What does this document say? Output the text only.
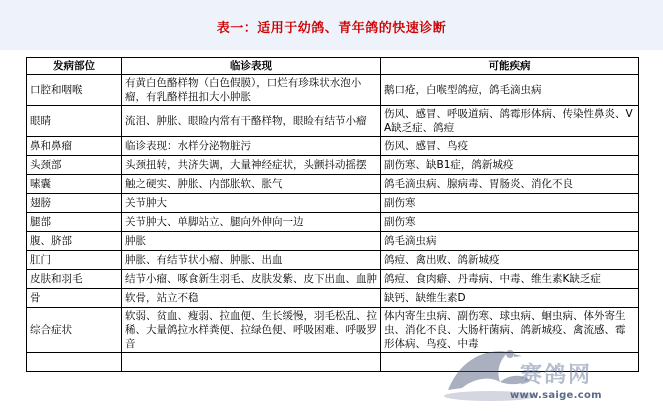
表一：适用于幼鸽、青年鸽的快速诊断
发病部位	临诊表现	可能疾病
口腔和咽喉	有黄白色酪样物（白色假膜），口烂有珍珠状水泡小瘤，有乳酪样扭扣大小肿胀	鹅口疮，白喉型鸽痘，鸽毛滴虫病
眼睛	流泪、肿胀、眼睑内常有干酪样物，眼睑有结节小瘤	伤风、感冒、呼吸道病、鸽霉形体病、传染性鼻炎、VA缺乏症、鸽痘
鼻和鼻瘤	临诊表现：水样分泌物脏污	伤风、感冒、鸟疫
头颈部	头颈扭转，共济失调，大量神经症状，头颤抖动摇摆	副伤寒、缺B1症，鸽新城疫
嗉囊	触之硬实、肿胀、内部胀软、胀气	鸽毛滴虫病、腺病毒、胃肠炎、消化不良
翅膀	关节肿大	副伤寒
腿部	关节肿大、单脚站立、腿向外伸向一边	副伤寒
腹、脐部	肿胀	鸽毛滴虫病
肛门	肿胀、有结节状小瘤、肿胀、出血	鸽痘、禽出败、鸽新城疫
皮肤和羽毛	结节小瘤、啄食新生羽毛、皮肤发紫、皮下出血、血肿	鸽痘、食肉癖、丹毒病、中毒、维生素K缺乏症
骨	软骨，站立不稳	缺钙、缺维生素D
综合症状	软弱、贫血、瘦弱、拉血便、生长缓慢，羽毛松乱、拉稀、大量鸽拉水样粪便、拉绿色便、呼吸困难、呼吸罗音	体内寄生虫病、副伤寒、球虫病、蛔虫病、体外寄生虫、消化不良、大肠杆菌病、鸽新城疫、禽流感、霉形体病、鸟疫、中毒

赛鸽网
www.saige.com
